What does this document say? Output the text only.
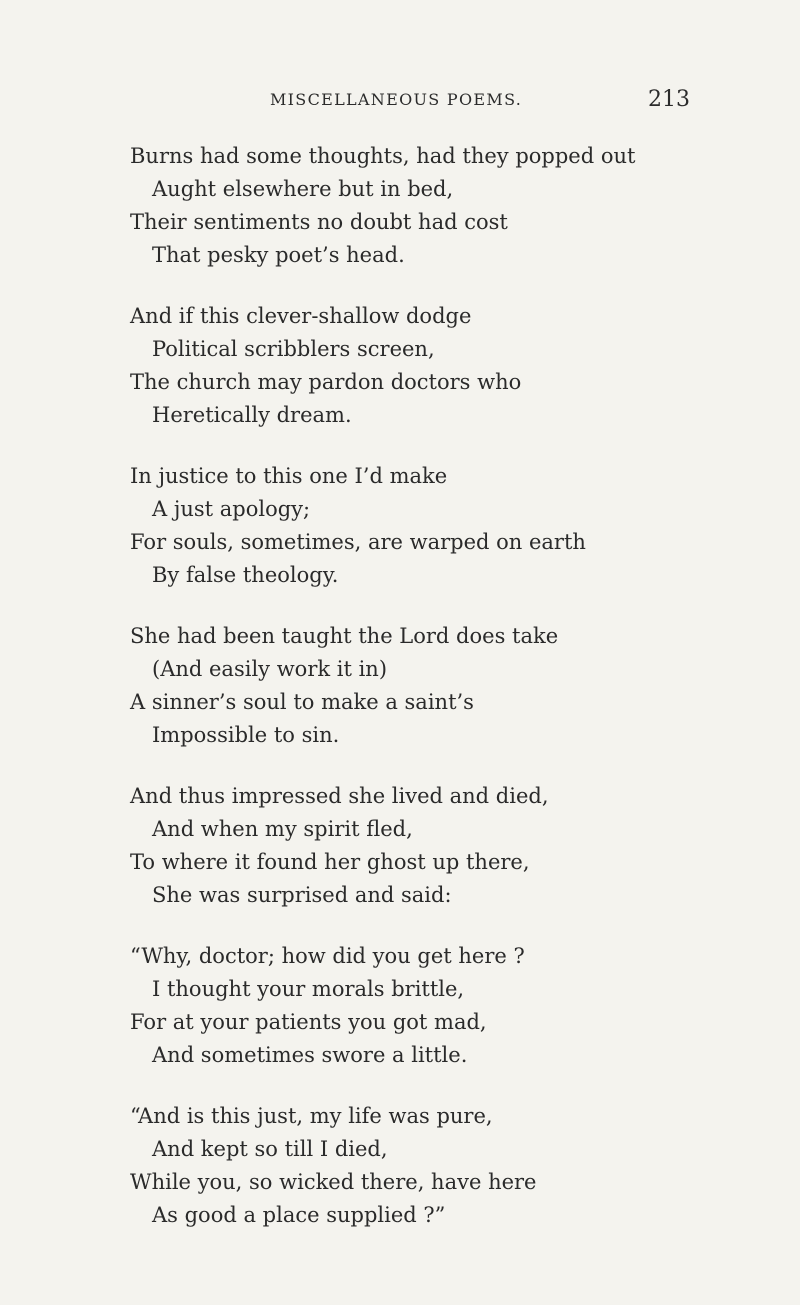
MISCELLANEOUS POEMS.	213
Burns had some thoughts, had they popped out
Aught elsewhere but in bed,
Their sentiments no doubt had cost
That pesky poet’s head.
And if this clever-shallow dodge
Political scribblers screen,
The church may pardon doctors who
Heretically dream.
In justice to this one I’d make
A just apology;
For souls, sometimes, are warped on earth
By false theology.
She had been taught the Lord does take
(And easily work it in)
A sinner’s soul to make a saint’s
Impossible to sin.
And thus impressed she lived and died,
And when my spirit fled,
To where it found her ghost up there,
She was surprised and said:
“Why, doctor; how did you get here ?
I thought your morals brittle,
For at your patients you got mad,
And sometimes swore a little.
“And is this just, my life was pure,
And kept so till I died,
While you, so wicked there, have here
As good a place supplied ?”
